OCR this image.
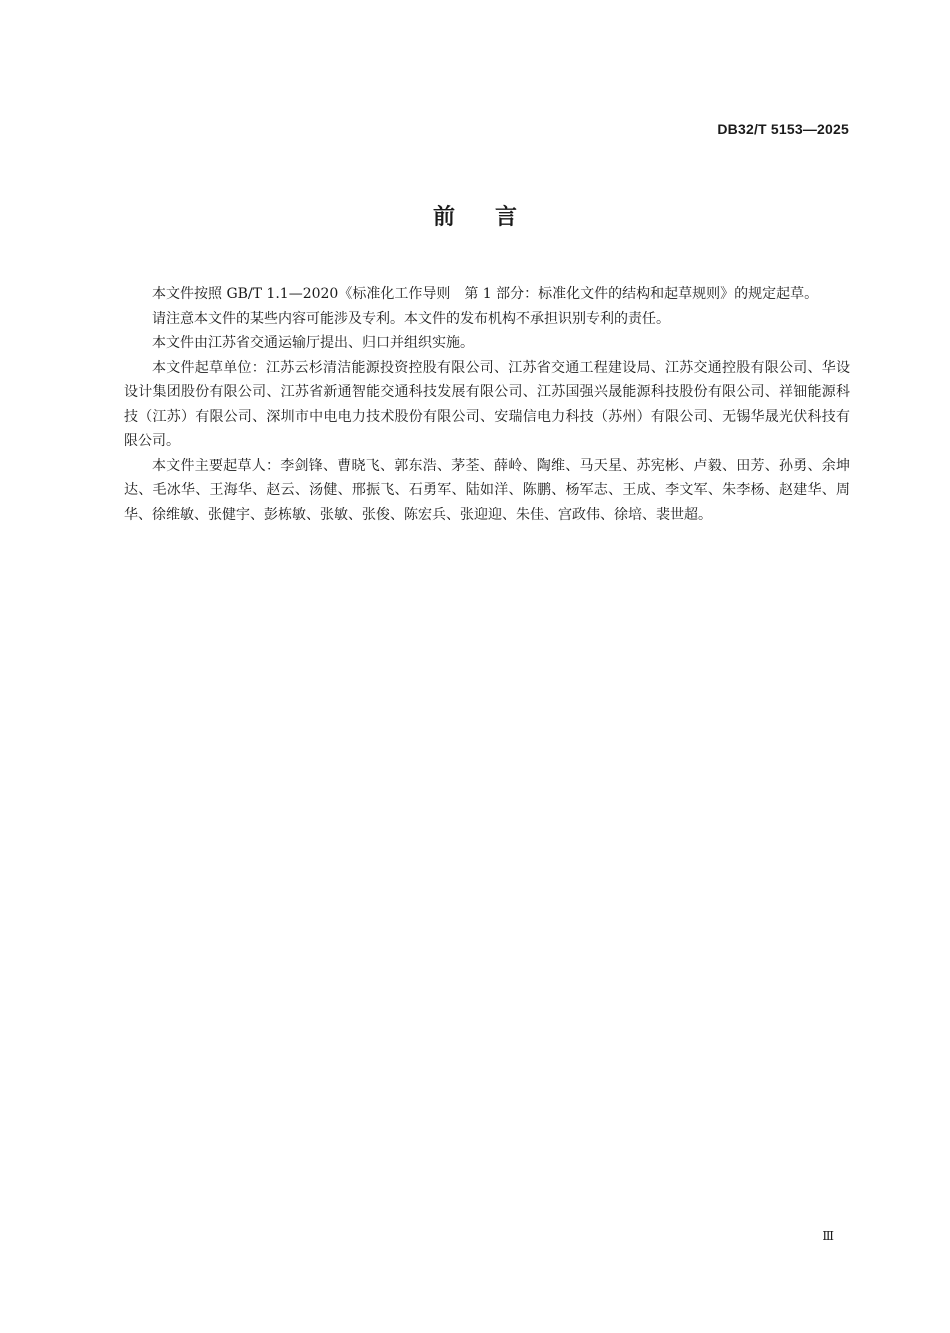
DB32/T 5153—2025
前言

本文件按照 GB/T 1.1—2020《标准化工作导则　第 1 部分：标准化文件的结构和起草规则》的规定起草。

请注意本文件的某些内容可能涉及专利。本文件的发布机构不承担识别专利的责任。

本文件由江苏省交通运输厅提出、归口并组织实施。

本文件起草单位：江苏云杉清洁能源投资控股有限公司、江苏省交通工程建设局、江苏交通控股有限公司、华设设计集团股份有限公司、江苏省新通智能交通科技发展有限公司、江苏国强兴晟能源科技股份有限公司、祥钿能源科技（江苏）有限公司、深圳市中电电力技术股份有限公司、安瑞信电力科技（苏州）有限公司、无锡华晟光伏科技有限公司。

本文件主要起草人：李剑锋、曹晓飞、郭东浩、茅荃、薛岭、陶维、马天星、苏宪彬、卢毅、田芳、孙勇、余坤达、毛冰华、王海华、赵云、汤健、邢振飞、石勇军、陆如洋、陈鹏、杨军志、王成、李文军、朱李杨、赵建华、周华、徐维敏、张健宇、彭栋敏、张敏、张俊、陈宏兵、张迎迎、朱佳、宫政伟、徐培、裴世超。

Ⅲ
